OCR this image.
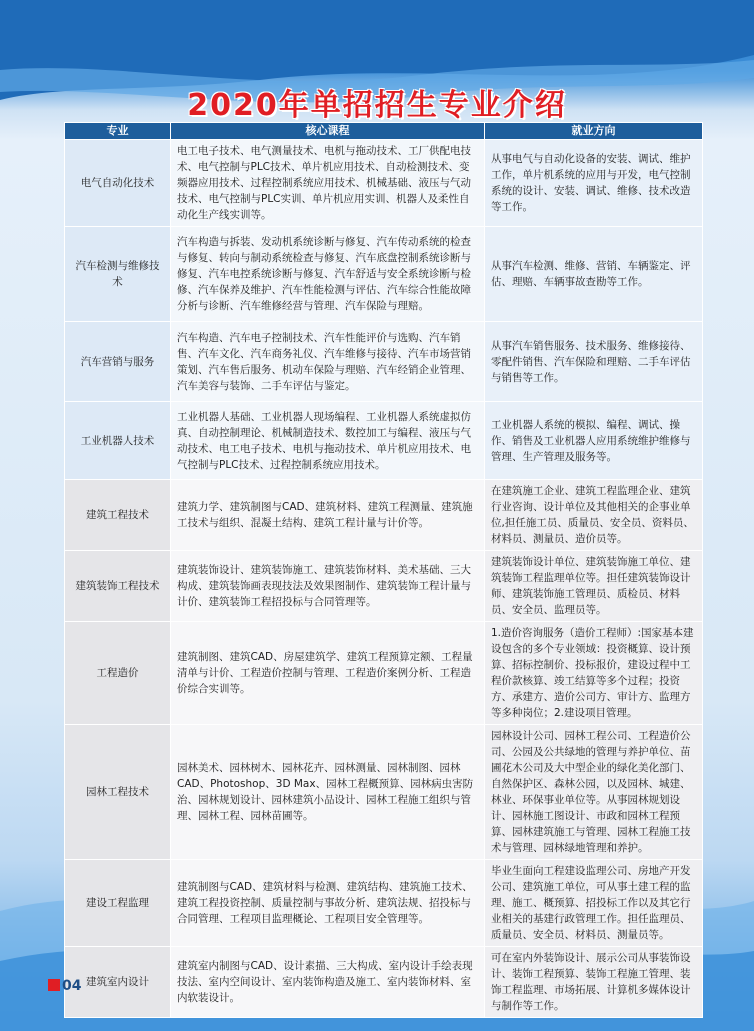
2020年单招招生专业介绍
专业	核心课程	就业方向
电气自动化技术	电工电子技术、电气测量技术、电机与拖动技术、工厂供配电技术、电气控制与PLC技术、单片机应用技术、自动检测技术、变频器应用技术、过程控制系统应用技术、机械基础、液压与气动技术、电气控制与PLC实训、单片机应用实训、机器人及柔性自动化生产线实训等。	从事电气与自动化设备的安装、调试、维护工作，单片机系统的应用与开发，电气控制系统的设计、安装、调试、维修、技术改造等工作。
汽车检测与维修技术	汽车构造与拆装、发动机系统诊断与修复、汽车传动系统的检查与修复、转向与制动系统检查与修复、汽车底盘控制系统诊断与修复、汽车电控系统诊断与修复、汽车舒适与安全系统诊断与检修、汽车保养及维护、汽车性能检测与评估、汽车综合性能故障分析与诊断、汽车维修经营与管理、汽车保险与理赔。	从事汽车检测、维修、营销、车辆鉴定、评估、理赔、车辆事故查勘等工作。
汽车营销与服务	汽车构造、汽车电子控制技术、汽车性能评价与选购、汽车销售、汽车文化、汽车商务礼仪、汽车维修与接待、汽车市场营销策划、汽车售后服务、机动车保险与理赔、汽车经销企业管理、汽车美容与装饰、二手车评估与鉴定。	从事汽车销售服务、技术服务、维修接待、零配件销售、汽车保险和理赔、二手车评估与销售等工作。
工业机器人技术	工业机器人基础、工业机器人现场编程、工业机器人系统虚拟仿真、自动控制理论、机械制造技术、数控加工与编程、液压与气动技术、电工电子技术、电机与拖动技术、单片机应用技术、电气控制与PLC技术、过程控制系统应用技术。	工业机器人系统的模拟、编程、调试、操作、销售及工业机器人应用系统维护维修与管理、生产管理及服务等。
建筑工程技术	建筑力学、建筑制图与CAD、建筑材料、建筑工程测量、建筑施工技术与组织、混凝土结构、建筑工程计量与计价等。	在建筑施工企业、建筑工程监理企业、建筑行业咨询、设计单位及其他相关的企事业单位,担任施工员、质量员、安全员、资料员、材料员、测量员、造价员等。
建筑装饰工程技术	建筑装饰设计、建筑装饰施工、建筑装饰材料、美术基础、三大构成、建筑装饰画表现技法及效果图制作、建筑装饰工程计量与计价、建筑装饰工程招投标与合同管理等。	建筑装饰设计单位、建筑装饰施工单位、建筑装饰工程监理单位等。担任建筑装饰设计师、建筑装饰施工管理员、质检员、材料员、安全员、监理员等。
工程造价	建筑制图、建筑CAD、房屋建筑学、建筑工程预算定额、工程量清单与计价、工程造价控制与管理、工程造价案例分析、工程造价综合实训等。	1.造价咨询服务（造价工程师）:国家基本建设包含的多个专业领域：投资概算、设计预算、招标控制价、投标报价，建设过程中工程价款核算、竣工结算等多个过程；投资方、承建方、造价公司方、审计方、监理方等多种岗位；2.建设项目管理。
园林工程技术	园林美术、园林树木、园林花卉、园林测量、园林制图、园林CAD、Photoshop、3D Max、园林工程概预算、园林病虫害防治、园林规划设计、园林建筑小品设计、园林工程施工组织与管理、园林工程、园林苗圃等。	园林设计公司、园林工程公司、工程造价公司、公园及公共绿地的管理与养护单位、苗圃花木公司及大中型企业的绿化美化部门、自然保护区、森林公园，以及园林、城建、林业、环保事业单位等。从事园林规划设计、园林施工图设计、市政和园林工程预算、园林建筑施工与管理、园林工程施工技术与管理、园林绿地管理和养护。
建设工程监理	建筑制图与CAD、建筑材料与检测、建筑结构、建筑施工技术、建筑工程投资控制、质量控制与事故分析、建筑法规、招投标与合同管理、工程项目监理概论、工程项目安全管理等。	毕业生面向工程建设监理公司、房地产开发公司、建筑施工单位，可从事土建工程的监理、施工、概预算、招投标工作以及其它行业相关的基建行政管理工作。担任监理员、质量员、安全员、材料员、测量员等。
建筑室内设计	建筑室内制图与CAD、设计素描、三大构成、室内设计手绘表现技法、室内空间设计、室内装饰构造及施工、室内装饰材料、室内软装设计。	可在室内外装饰设计、展示公司从事装饰设计、装饰工程预算、装饰工程施工管理、装饰工程监理、市场拓展、计算机多媒体设计与制作等工作。
04
